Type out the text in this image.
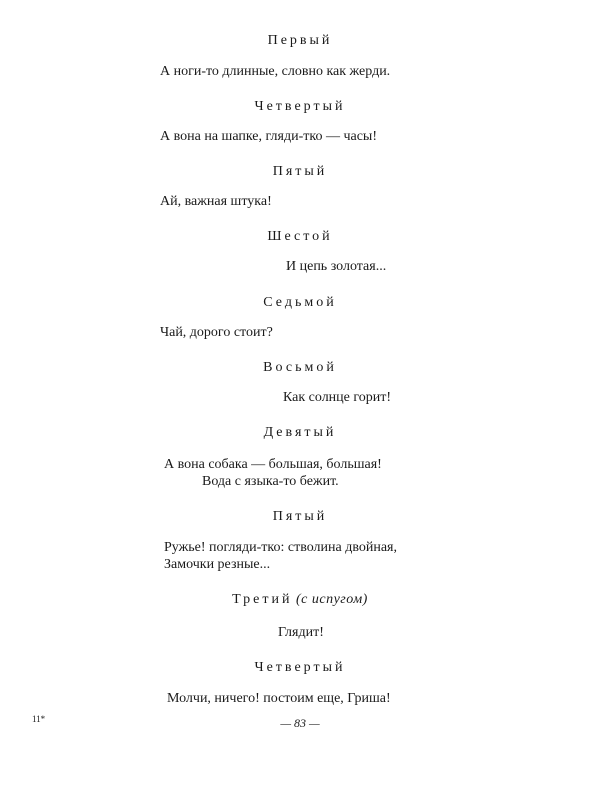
Первый
А ноги-то длинные, словно как жерди.
Четвертый
А вона на шапке, гляди-тко — часы!
Пятый
Ай, важная штука!
Шестой
И цепь золотая...
Седьмой
Чай, дорого стоит?
Восьмой
Как солнце горит!
Девятый
А вона собака — большая, большая!
Вода с языка-то бежит.
Пятый
Ружье! погляди-тко: стволина двойная,
Замочки резные...
Третий (с испугом)
Глядит!
Четвертый
Молчи, ничего! постоим еще, Гриша!
11*	— 83 —
